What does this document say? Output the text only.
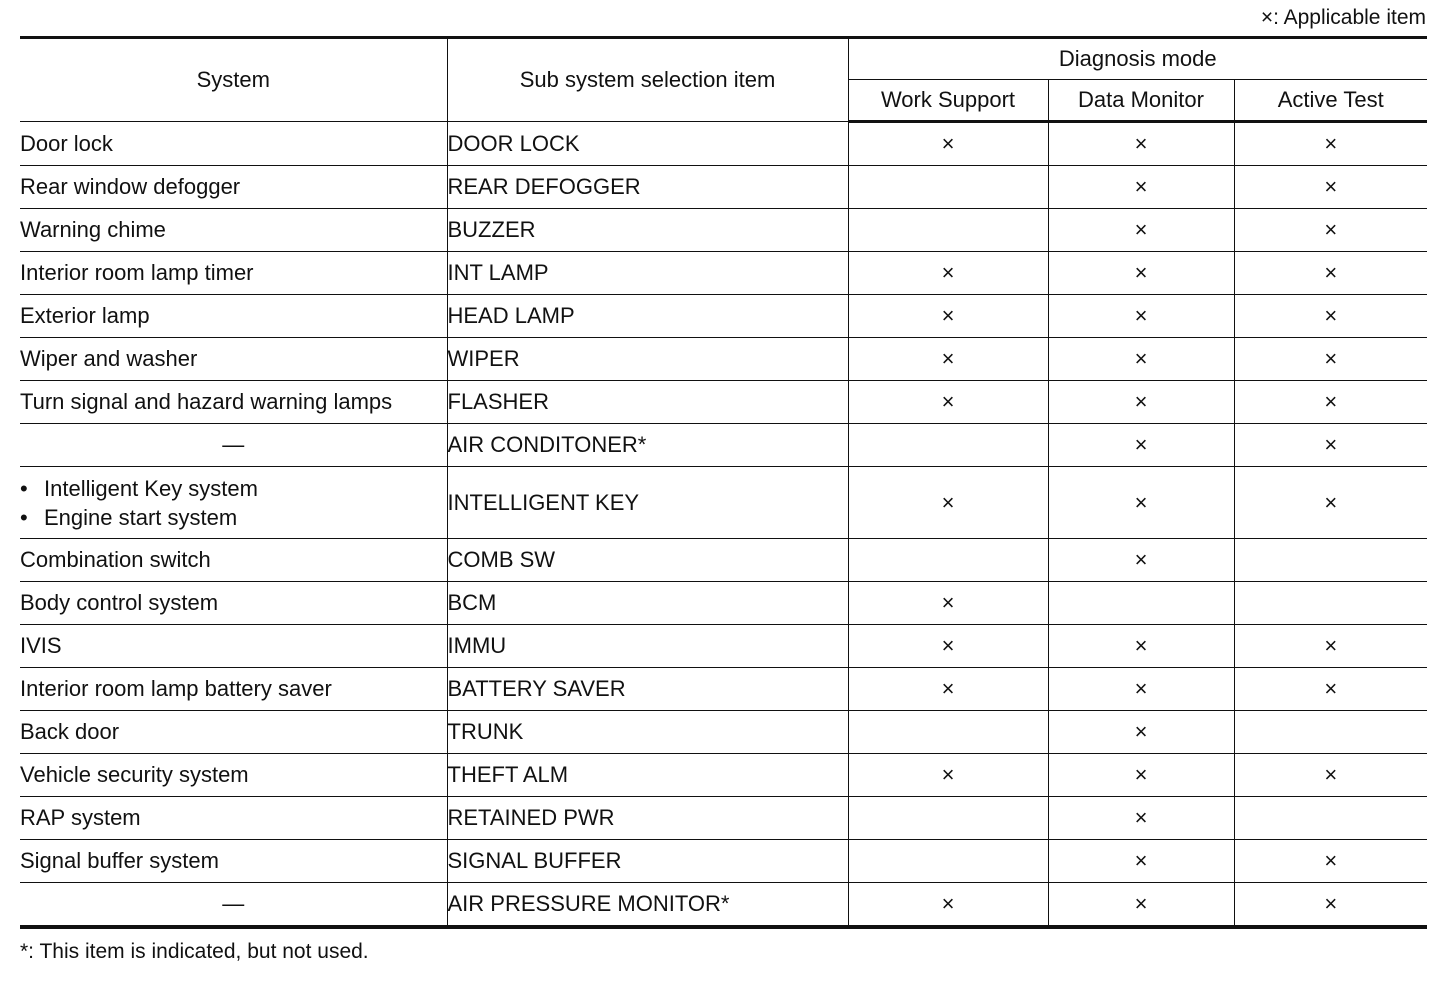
×: Applicable item
System	Sub system selection item	Diagnosis mode		
		Work Support	Data Monitor	Active Test
Door lock	DOOR LOCK	×	×	×
Rear window defogger	REAR DEFOGGER		×	×
Warning chime	BUZZER		×	×
Interior room lamp timer	INT LAMP	×	×	×
Exterior lamp	HEAD LAMP	×	×	×
Wiper and washer	WIPER	×	×	×
Turn signal and hazard warning lamps	FLASHER	×	×	×
—	AIR CONDITONER*		×	×

• Intelligent Key system
• Engine start system	INTELLIGENT KEY	×	×	×
Combination switch	COMB SW		×	
Body control system	BCM	×		
IVIS	IMMU	×	×	×
Interior room lamp battery saver	BATTERY SAVER	×	×	×
Back door	TRUNK		×	
Vehicle security system	THEFT ALM	×	×	×
RAP system	RETAINED PWR		×	
Signal buffer system	SIGNAL BUFFER		×	×
—	AIR PRESSURE MONITOR*	×	×	×
*: This item is indicated, but not used.
